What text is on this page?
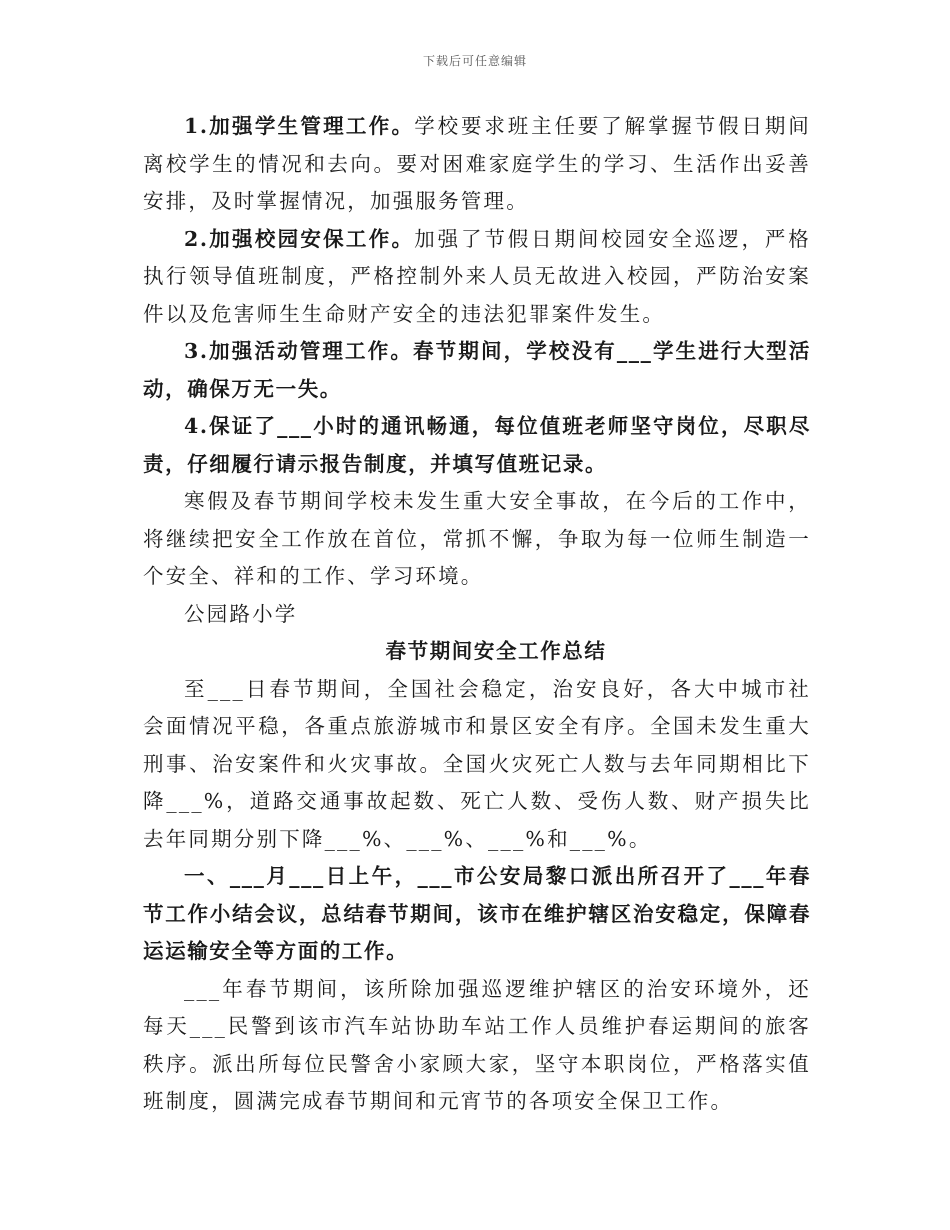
下载后可任意编辑

1.加强学生管理工作。学校要求班主任要了解掌握节假日期间离校学生的情况和去向。要对困难家庭学生的学习、生活作出妥善安排，及时掌握情况，加强服务管理。

2.加强校园安保工作。加强了节假日期间校园安全巡逻，严格执行领导值班制度，严格控制外来人员无故进入校园，严防治安案件以及危害师生生命财产安全的违法犯罪案件发生。

3.加强活动管理工作。春节期间，学校没有___学生进行大型活动，确保万无一失。

4.保证了___小时的通讯畅通，每位值班老师坚守岗位，尽职尽责，仔细履行请示报告制度，并填写值班记录。

寒假及春节期间学校未发生重大安全事故，在今后的工作中，将继续把安全工作放在首位，常抓不懈，争取为每一位师生制造一个安全、祥和的工作、学习环境。

公园路小学

春节期间安全工作总结

至___日春节期间，全国社会稳定，治安良好，各大中城市社会面情况平稳，各重点旅游城市和景区安全有序。全国未发生重大刑事、治安案件和火灾事故。全国火灾死亡人数与去年同期相比下降___%，道路交通事故起数、死亡人数、受伤人数、财产损失比去年同期分别下降___%、___%、___%和___%。

一、___月___日上午，___市公安局黎口派出所召开了___年春节工作小结会议，总结春节期间，该市在维护辖区治安稳定，保障春运运输安全等方面的工作。

___年春节期间，该所除加强巡逻维护辖区的治安环境外，还每天___民警到该市汽车站协助车站工作人员维护春运期间的旅客秩序。派出所每位民警舍小家顾大家，坚守本职岗位，严格落实值班制度，圆满完成春节期间和元宵节的各项安全保卫工作。
